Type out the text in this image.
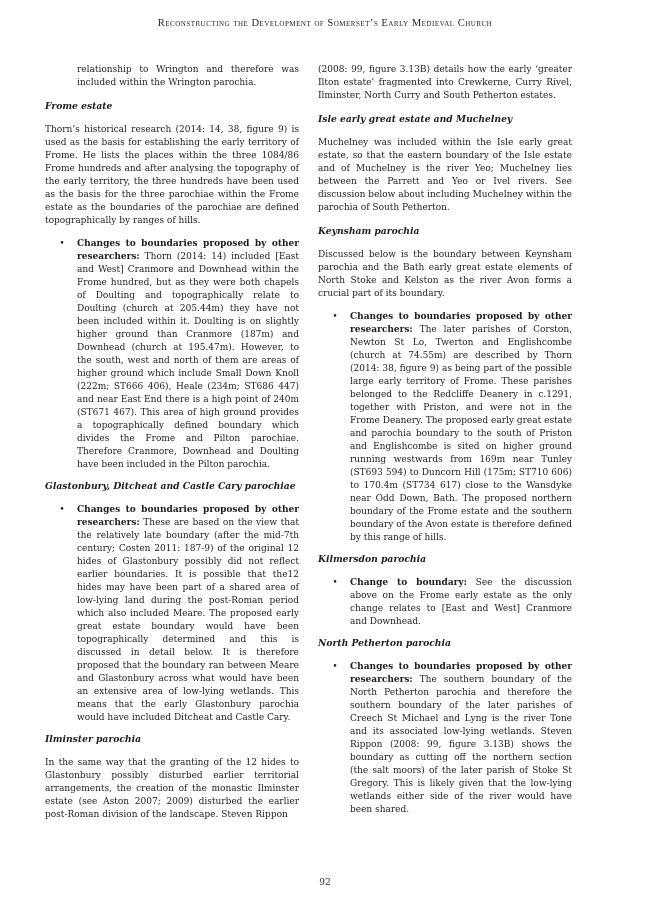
Reconstructing the Development of Somerset’s Early Medieval Church

relationship to Wrington and therefore was included within the Wrington parochia.

Frome estate

Thorn’s historical research (2014: 14, 38, figure 9) is used as the basis for establishing the early territory of Frome. He lists the places within the three 1084/86 Frome hundreds and after analysing the topography of the early territory, the three hundreds have been used as the basis for the three parochiae within the Frome estate as the boundaries of the parochiae are defined topographically by ranges of hills.

•	Changes to boundaries proposed by other researchers: Thorn (2014: 14) included [East and West] Cranmore and Downhead within the Frome hundred, but as they were both chapels of Doulting and topographically relate to Doulting (church at 205.44m) they have not been included within it. Doulting is on slightly higher ground than Cranmore (187m) and Downhead (church at 195.47m). However, to the south, west and north of them are areas of higher ground which include Small Down Knoll (222m; ST666 406), Heale (234m; ST686 447) and near East End there is a high point of 240m (ST671 467). This area of high ground provides a topographically defined boundary which divides the Frome and Pilton parochiae. Therefore Cranmore, Downhead and Doulting have been included in the Pilton parochia.
Glastonbury, Ditcheat and Castle Cary parochiae
•	Changes to boundaries proposed by other researchers: These are based on the view that the relatively late boundary (after the mid-7th century; Costen 2011: 187-9) of the original 12 hides of Glastonbury possibly did not reflect earlier boundaries. It is possible that the12 hides may have been part of a shared area of low-lying land during the post-Roman period which also included Meare. The proposed early great estate boundary would have been topographically determined and this is discussed in detail below. It is therefore proposed that the boundary ran between Meare and Glastonbury across what would have been an extensive area of low-lying wetlands. This means that the early Glastonbury parochia would have included Ditcheat and Castle Cary.
Ilminster parochia

In the same way that the granting of the 12 hides to Glastonbury possibly disturbed earlier territorial arrangements, the creation of the monastic Ilminster estate (see Aston 2007; 2009) disturbed the earlier post-Roman division of the landscape. Steven Rippon

(2008: 99, figure 3.13B) details how the early ‘greater Ilton estate’ fragmented into Crewkerne, Curry Rivel, Ilminster, North Curry and South Petherton estates.

Isle early great estate and Muchelney

Muchelney was included within the Isle early great estate, so that the eastern boundary of the Isle estate and of Muchelney is the river Yeo; Muchelney lies between the Parrett and Yeo or Ivel rivers. See discussion below about including Muchelney within the parochia of South Petherton.

Keynsham parochia

Discussed below is the boundary between Keynsham parochia and the Bath early great estate elements of North Stoke and Kelston as the river Avon forms a crucial part of its boundary.

•	Changes to boundaries proposed by other researchers: The later parishes of Corston, Newton St Lo, Twerton and Englishcombe (church at 74.55m) are described by Thorn (2014: 38, figure 9) as being part of the possible large early territory of Frome. These parishes belonged to the Redcliffe Deanery in c.1291, together with Priston, and were not in the Frome Deanery. The proposed early great estate and parochia boundary to the south of Priston and Englishcombe is sited on higher ground running westwards from 169m near Tunley (ST693 594) to Duncorn Hill (175m; ST710 606) to 170.4m (ST734 617) close to the Wansdyke near Odd Down, Bath. The proposed northern boundary of the Frome estate and the southern boundary of the Avon estate is therefore defined by this range of hills.
Kilmersdon parochia
•	Change to boundary: See the discussion above on the Frome early estate as the only change relates to [East and West] Cranmore and Downhead.
North Petherton parochia
•	Changes to boundaries proposed by other researchers: The southern boundary of the North Petherton parochia and therefore the southern boundary of the later parishes of Creech St Michael and Lyng is the river Tone and its associated low-lying wetlands. Steven Rippon (2008: 99, figure 3.13B) shows the boundary as cutting off the northern section (the salt moors) of the later parish of Stoke St Gregory. This is likely given that the low-lying wetlands either side of the river would have been shared.
92
